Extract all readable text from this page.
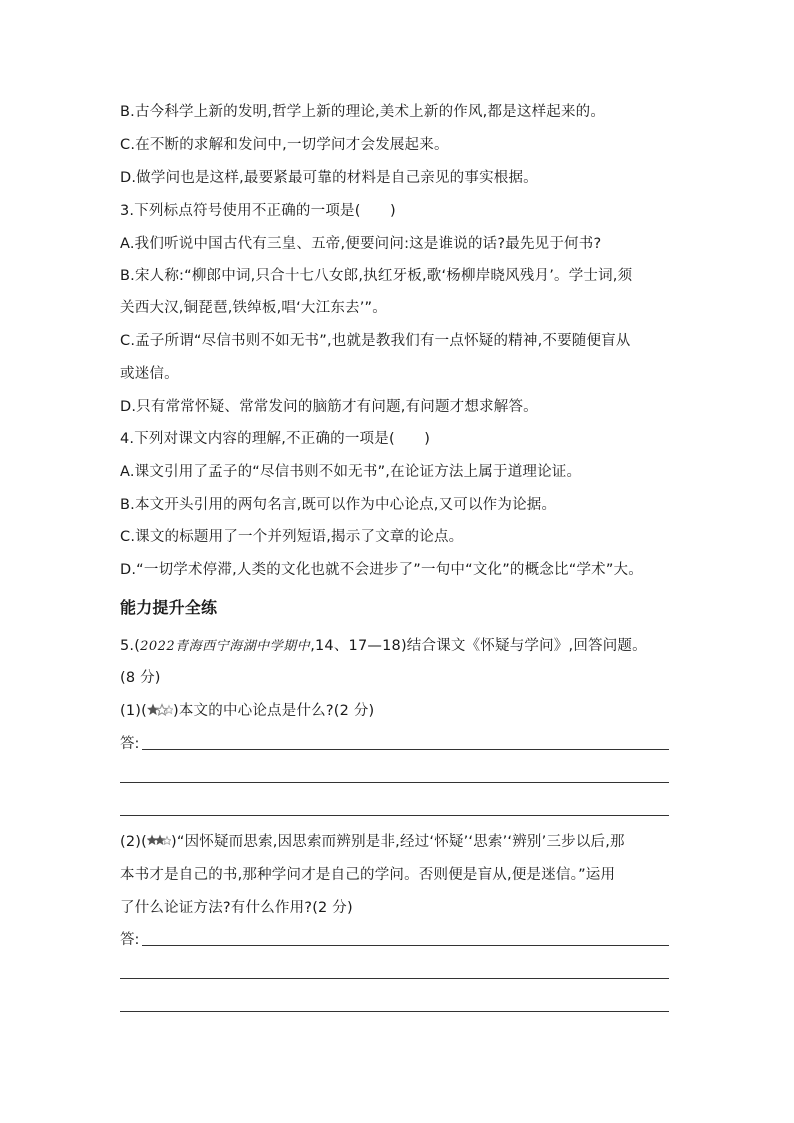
B.古今科学上新的发明,哲学上新的理论,美术上新的作风,都是这样起来的。
C.在不断的求解和发问中,一切学问才会发展起来。
D.做学问也是这样,最要紧最可靠的材料是自己亲见的事实根据。
3.下列标点符号使用不正确的一项是(　　)
A.我们听说中国古代有三皇、五帝,便要问问:这是谁说的话?最先见于何书?
B.宋人称:“柳郎中词,只合十七八女郎,执红牙板,歌‘杨柳岸晓风残月’。学士词,须
关西大汉,铜琵琶,铁绰板,唱‘大江东去’”。
C.孟子所谓“尽信书则不如无书”,也就是教我们有一点怀疑的精神,不要随便盲从
或迷信。
D.只有常常怀疑、常常发问的脑筋才有问题,有问题才想求解答。
4.下列对课文内容的理解,不正确的一项是(　　)
A.课文引用了孟子的“尽信书则不如无书”,在论证方法上属于道理论证。
B.本文开头引用的两句名言,既可以作为中心论点,又可以作为论据。
C.课文的标题用了一个并列短语,揭示了文章的论点。
D.“一切学术停滞,人类的文化也就不会进步了”一句中“文化”的概念比“学术”大。
能力提升全练
5.(2022青海西宁海湖中学期中,14、17—18)结合课文《怀疑与学问》,回答问题。
(8 分)
(1)( )本文的中心论点是什么?(2 分)
答:
(2)( )“因怀疑而思索,因思索而辨别是非,经过‘怀疑’‘思索’‘辨别’三步以后,那
本书才是自己的书,那种学问才是自己的学问。否则便是盲从,便是迷信。”运用
了什么论证方法?有什么作用?(2 分)
答:
